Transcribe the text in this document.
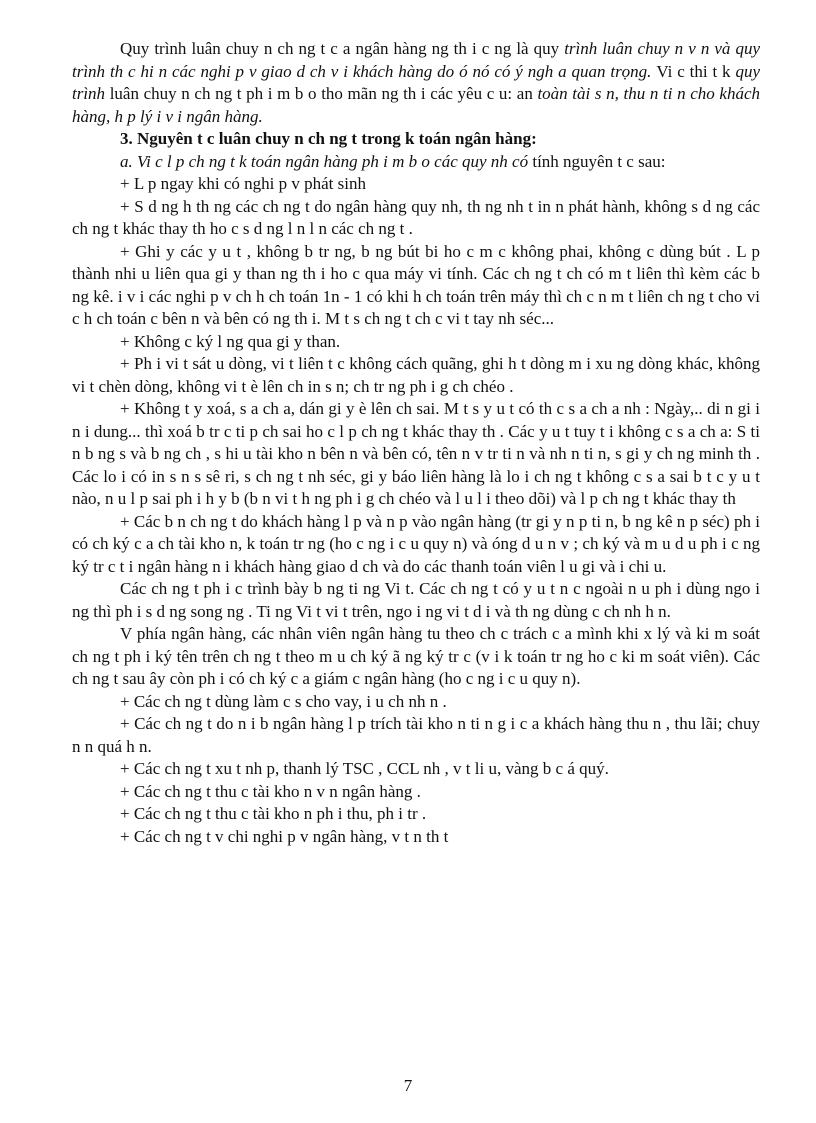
Quy trình luân chuy n ch ng t c a ngân hàng ng th i c ng là quy trình luân chuy n v n và quy trình th c hi n các nghi p v giao d ch v i khách hàng do ó nó có ý ngh a quan trọng. Vi c thi t k quy trình luân chuy n ch ng t ph i m b o tho mãn ng th i các yêu c u: an toàn tài s n, thu n ti n cho khách hàng, h p lý i v i ngân hàng.

3. Nguyên t c luân chuy n ch ng t trong k toán ngân hàng:

a. Vi c l p ch ng t k toán ngân hàng ph i m b o các quy nh có tính nguyên t c sau:

+ L p ngay khi có nghi p v phát sinh

+ S d ng h th ng các ch ng t do ngân hàng quy nh, th ng nh t in n phát hành, không s d ng các ch ng t khác thay th ho c s d ng l n l n các ch ng t .

+ Ghi y các y u t , không b tr ng, b ng bút bi ho c m c không phai, không c dùng bút . L p thành nhi u liên qua gi y than ng th i ho c qua máy vi tính. Các ch ng t ch có m t liên thì kèm các b ng kê. i v i các nghi p v ch h ch toán 1n - 1 có khi h ch toán trên máy thì ch c n m t liên ch ng t cho vi c h ch toán c bên n và bên có ng th i. M t s ch ng t ch c vi t tay nh séc...

+ Không c ký l ng qua gi y than.

+ Ph i vi t sát u dòng, vi t liên t c không cách quãng, ghi h t dòng m i xu ng dòng khác, không vi t chèn dòng, không vi t è lên ch in s n; ch tr ng ph i g ch chéo .

+ Không t y xoá, s a ch a, dán gi y è lên ch sai. M t s y u t có th c s a ch a nh : Ngày,.. di n gi i n i dung... thì xoá b tr c ti p ch sai ho c l p ch ng t khác thay th . Các y u t tuy t i không c s a ch a: S ti n b ng s và b ng ch , s hi u tài kho n bên n và bên có, tên n v tr ti n và nh n ti n, s gi y ch ng minh th . Các lo i có in s n s sê ri, s ch ng t nh séc, gi y báo liên hàng là lo i ch ng t không c s a sai b t c y u t nào, n u l p sai ph i h y b (b n vi t h ng ph i g ch chéo và l u l i theo dõi) và l p ch ng t khác thay th

+ Các b n ch ng t do khách hàng l p và n p vào ngân hàng (tr gi y n p ti n, b ng kê n p séc) ph i có ch ký c a ch tài kho n, k toán tr ng (ho c ng i c u quy n) và óng d u n v ; ch ký và m u d u ph i c ng ký tr c t i ngân hàng n i khách hàng giao d ch và do các thanh toán viên l u gi và i chi u.

Các ch ng t ph i c trình bày b ng ti ng Vi t. Các ch ng t có y u t n c ngoài n u ph i dùng ngo i ng thì ph i s d ng song ng . Ti ng Vi t vi t trên, ngo i ng vi t d i và th ng dùng c ch nh h n.

V phía ngân hàng, các nhân viên ngân hàng tu theo ch c trách c a mình khi x lý và ki m soát ch ng t ph i ký tên trên ch ng t theo m u ch ký ã ng ký tr c (v i k toán tr ng ho c ki m soát viên). Các ch ng t sau ây còn ph i có ch ký c a giám c ngân hàng (ho c ng i c u quy n).

+ Các ch ng t dùng làm c s cho vay, i u ch nh n .

+ Các ch ng t do n i b ngân hàng l p trích tài kho n ti n g i c a khách hàng thu n , thu lãi; chuy n n quá h n.

+ Các ch ng t xu t nh p, thanh lý TSC , CCL nh , v t li u, vàng b c á quý.

+ Các ch ng t thu c tài kho n v n ngân hàng .

+ Các ch ng t thu c tài kho n ph i thu, ph i tr .

+ Các ch ng t v chi nghi p v ngân hàng, v t n th t

7
